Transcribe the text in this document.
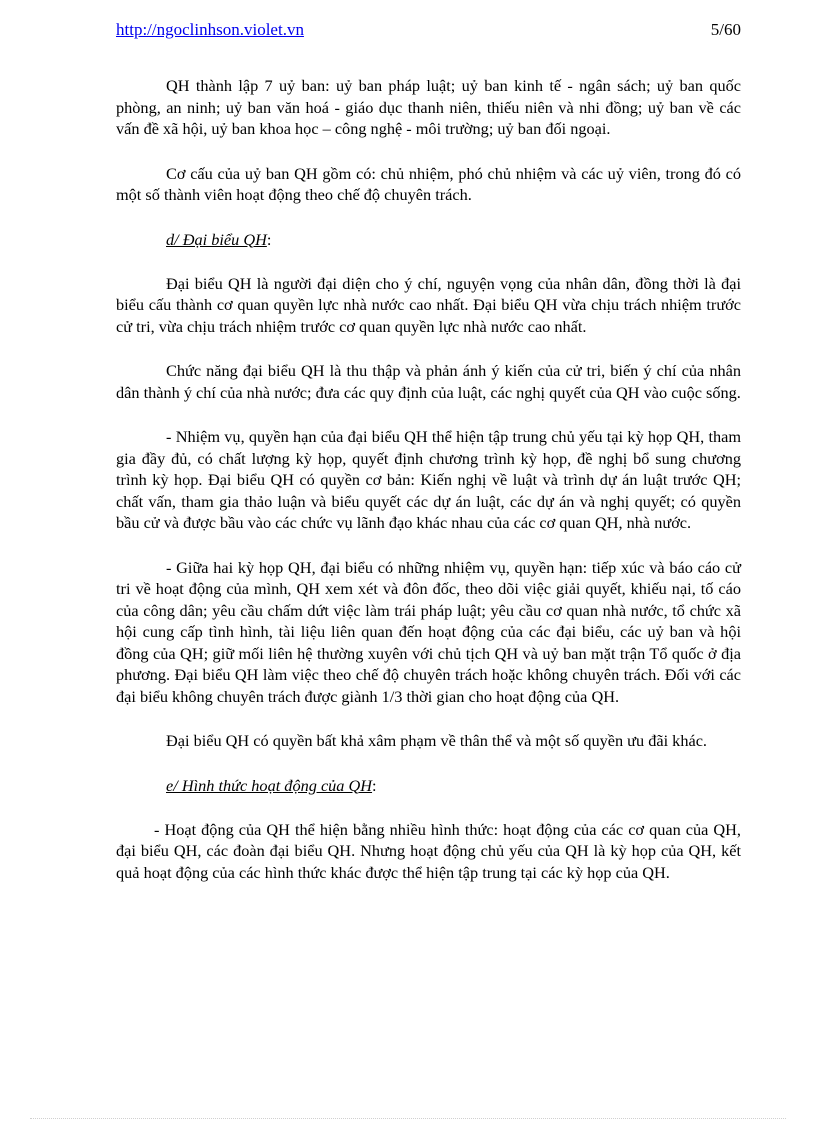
http://ngoclinhson.violet.vn	5/60

QH thành lập 7 uỷ ban: uỷ ban pháp luật; uỷ ban kinh tế - ngân sách; uỷ ban quốc phòng, an ninh; uỷ ban văn hoá - giáo dục thanh niên, thiếu niên và nhi đồng; uỷ ban về các vấn đề xã hội, uỷ ban khoa học – công nghệ - môi trường; uỷ ban đối ngoại.

Cơ cấu của uỷ ban QH gồm có: chủ nhiệm, phó chủ nhiệm và các uỷ viên, trong đó có một số thành viên hoạt động theo chế độ chuyên trách.

d/ Đại biểu QH:

Đại biểu QH là người đại diện cho ý chí, nguyện vọng của nhân dân, đồng thời là đại biểu cấu thành cơ quan quyền lực nhà nước cao nhất. Đại biểu QH vừa chịu trách nhiệm trước cử tri, vừa chịu trách nhiệm trước cơ quan quyền lực nhà nước cao nhất.

Chức năng đại biểu QH là thu thập và phản ánh ý kiến của cử tri, biến ý chí của nhân dân thành ý chí của nhà nước; đưa các quy định của luật, các nghị quyết của QH vào cuộc sống.

- Nhiệm vụ, quyền hạn của đại biểu QH thể hiện tập trung chủ yếu tại kỳ họp QH, tham gia đầy đủ, có chất lượng kỳ họp, quyết định chương trình kỳ họp, đề nghị bổ sung chương trình kỳ họp. Đại biểu QH có quyền cơ bản: Kiến nghị về luật và trình dự án luật trước QH; chất vấn, tham gia thảo luận và biểu quyết các dự án luật, các dự án và nghị quyết; có quyền bầu cử và được bầu vào các chức vụ lãnh đạo khác nhau của các cơ quan QH, nhà nước.

- Giữa hai kỳ họp QH, đại biểu có những nhiệm vụ, quyền hạn: tiếp xúc và báo cáo cử tri về hoạt động của mình, QH xem xét và đôn đốc, theo dõi việc giải quyết, khiếu nại, tố cáo của công dân; yêu cầu chấm dứt việc làm trái pháp luật; yêu cầu cơ quan nhà nước, tổ chức xã hội cung cấp tình hình, tài liệu liên quan đến hoạt động của các đại biểu, các uỷ ban và hội đồng của QH; giữ mối liên hệ thường xuyên với chủ tịch QH và uỷ ban mặt trận Tổ quốc ở địa phương. Đại biểu QH làm việc theo chế độ chuyên trách hoặc không chuyên trách. Đối với các đại biểu không chuyên trách được giành 1/3 thời gian cho hoạt động của QH.

Đại biểu QH có quyền bất khả xâm phạm về thân thể và một số quyền ưu đãi khác.

e/ Hình thức hoạt động của QH:

- Hoạt động của QH thể hiện bằng nhiều hình thức: hoạt động của các cơ quan của QH, đại biểu QH, các đoàn đại biểu QH. Nhưng hoạt động chủ yếu của QH là kỳ họp của QH, kết quả hoạt động của các hình thức khác được thể hiện tập trung tại các kỳ họp của QH.
